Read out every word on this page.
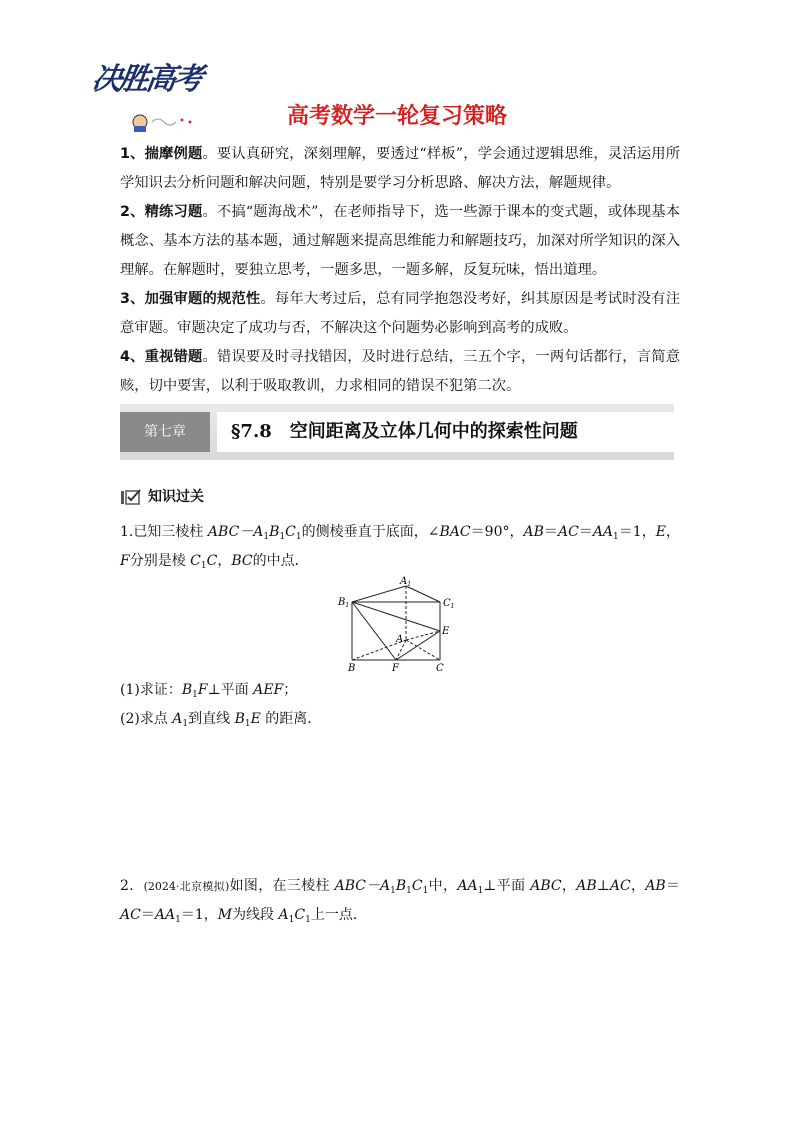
决胜高考
高考数学一轮复习策略

1、揣摩例题。要认真研究，深刻理解，要透过“样板”，学会通过逻辑思维，灵活运用所学知识去分析问题和解决问题，特别是要学习分析思路、解决方法，解题规律。

2、精练习题。不搞“题海战术”，在老师指导下，选一些源于课本的变式题，或体现基本概念、基本方法的基本题，通过解题来提高思维能力和解题技巧，加深对所学知识的深入理解。在解题时，要独立思考，一题多思，一题多解，反复玩味，悟出道理。

3、加强审题的规范性。每年大考过后，总有同学抱怨没考好，纠其原因是考试时没有注意审题。审题决定了成功与否，不解决这个问题势必影响到高考的成败。

4、重视错题。错误要及时寻找错因，及时进行总结，三五个字，一两句话都行，言简意赅，切中要害，以利于吸取教训，力求相同的错误不犯第二次。

第七章	§7.8 空间距离及立体几何中的探索性问题
知识过关

1.已知三棱柱 $ABC-A_1B_1C_1$的侧棱垂直于底面，∠BAC＝90°，$AB=AC=AA_1=1$，E，F分别是棱 $C_1C$，BC的中点．

$A_1$
$B_1$	$C_1$
A
E
B	F	C

(1)求证：$B_1F\perp$平面 AEF；

(2)求点 $A_1$到直线 $B_1E$ 的距离．

2．(2024·北京模拟)如图，在三棱柱 $ABC-A_1B_1C_1$中，$AA_1\perp$平面 ABC，AB⊥AC，$AB=AC=AA_1=1$，M为线段 $A_1C_1$上一点．
